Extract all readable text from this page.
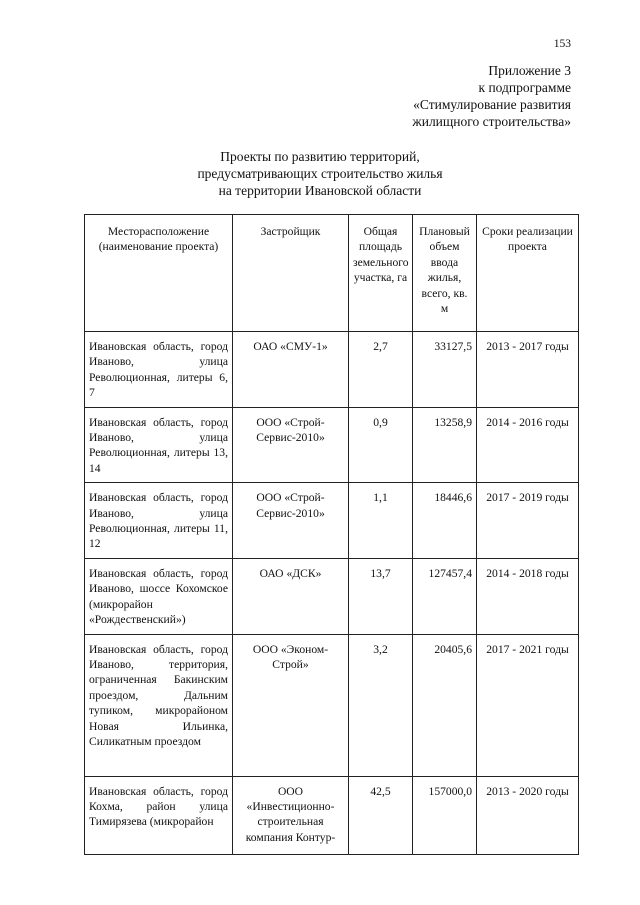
153
Приложение 3
к подпрограмме
«Стимулирование развития
жилищного строительства»
Проекты по развитию территорий,
предусматривающих строительство жилья
на территории Ивановской области
Месторасположение (наименование проекта)	Застройщик	Общая площадь земельного участка, га	Плановый объем ввода жилья, всего, кв. м	Сроки реализации проекта
Ивановская область, город Иваново, улица Революционная, литеры 6, 7	ОАО «СМУ-1»	2,7	33127,5	2013 - 2017 годы
Ивановская область, город Иваново, улица Революционная, литеры 13, 14	ООО «Строй-Сервис-2010»	0,9	13258,9	2014 - 2016 годы
Ивановская область, город Иваново, улица Революционная, литеры 11, 12	ООО «Строй-Сервис-2010»	1,1	18446,6	2017 - 2019 годы
Ивановская область, город Иваново, шоссе Кохомское (микрорайон «Рождественский»)	ОАО «ДСК»	13,7	127457,4	2014 - 2018 годы
Ивановская область, город Иваново, территория, ограниченная Бакинским проездом, Дальним тупиком, микрорайоном Новая Ильинка, Силикатным проездом	ООО «Эконом-Строй»	3,2	20405,6	2017 - 2021 годы
Ивановская область, город Кохма, район улица Тимирязева (микрорайон	ООО «Инвестиционно-строительная компания Контур-	42,5	157000,0	2013 - 2020 годы
